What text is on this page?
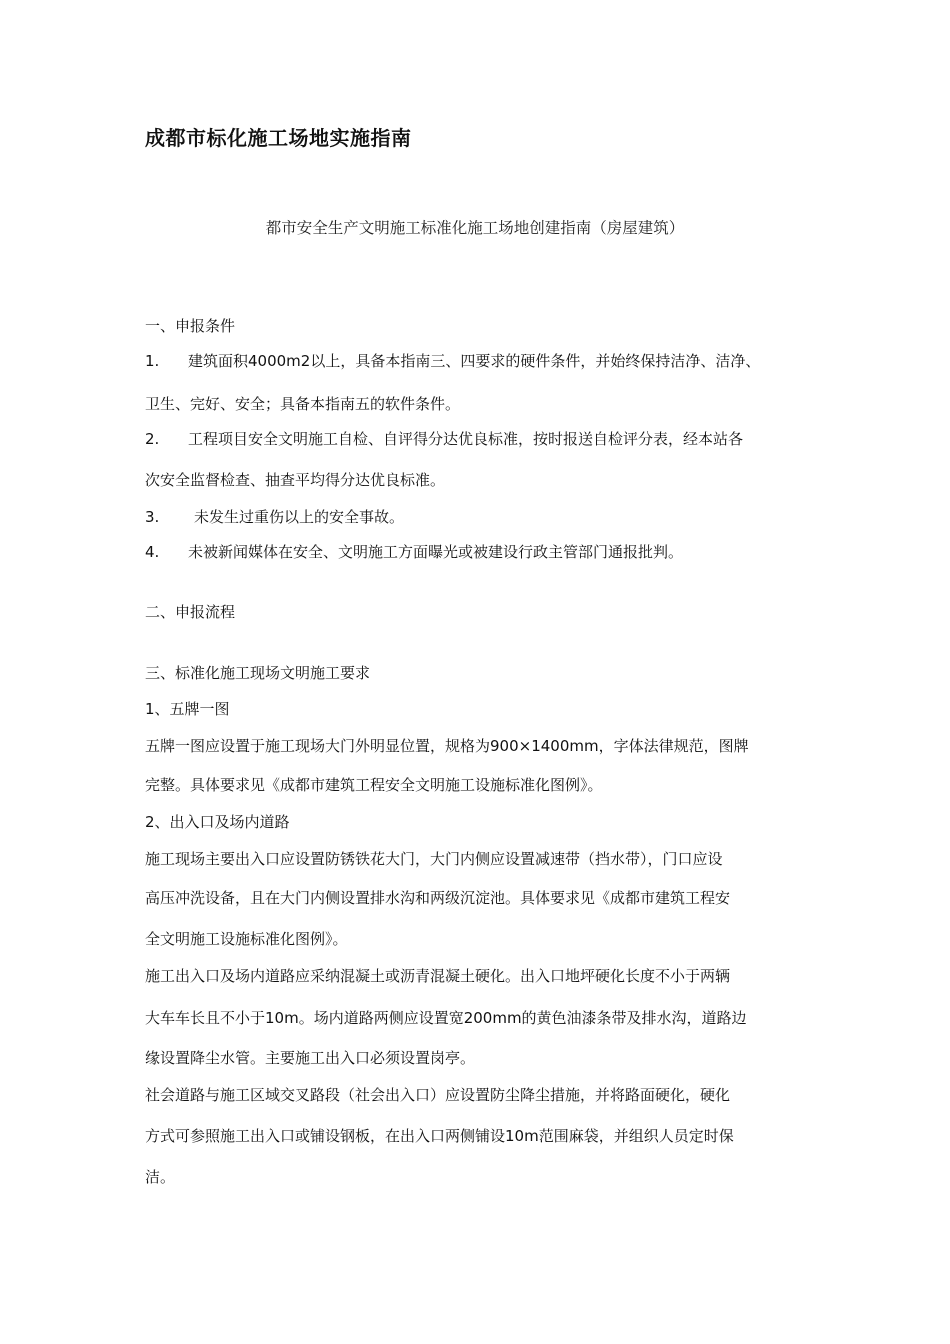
成都市标化施工场地实施指南
都市安全生产文明施工标准化施工场地创建指南（房屋建筑）
一、申报条件
1. 建筑面积4000m2以上，具备本指南三、四要求的硬件条件，并始终保持洁净、洁净、
卫生、完好、安全；具备本指南五的软件条件。
2. 工程项目安全文明施工自检、自评得分达优良标准，按时报送自检评分表，经本站各
次安全监督检查、抽查平均得分达优良标准。
3. 未发生过重伤以上的安全事故。
4. 未被新闻媒体在安全、文明施工方面曝光或被建设行政主管部门通报批判。
二、申报流程
三、标准化施工现场文明施工要求
1、五牌一图
五牌一图应设置于施工现场大门外明显位置，规格为900×1400mm，字体法律规范，图牌
完整。具体要求见《成都市建筑工程安全文明施工设施标准化图例》。
2、出入口及场内道路
施工现场主要出入口应设置防锈铁花大门，大门内侧应设置减速带（挡水带），门口应设
高压冲洗设备，且在大门内侧设置排水沟和两级沉淀池。具体要求见《成都市建筑工程安
全文明施工设施标准化图例》。
施工出入口及场内道路应采纳混凝土或沥青混凝土硬化。出入口地坪硬化长度不小于两辆
大车车长且不小于10m。场内道路两侧应设置宽200mm的黄色油漆条带及排水沟，道路边
缘设置降尘水管。主要施工出入口必须设置岗亭。
社会道路与施工区域交叉路段（社会出入口）应设置防尘降尘措施，并将路面硬化，硬化
方式可参照施工出入口或铺设钢板，在出入口两侧铺设10m范围麻袋，并组织人员定时保
洁。
